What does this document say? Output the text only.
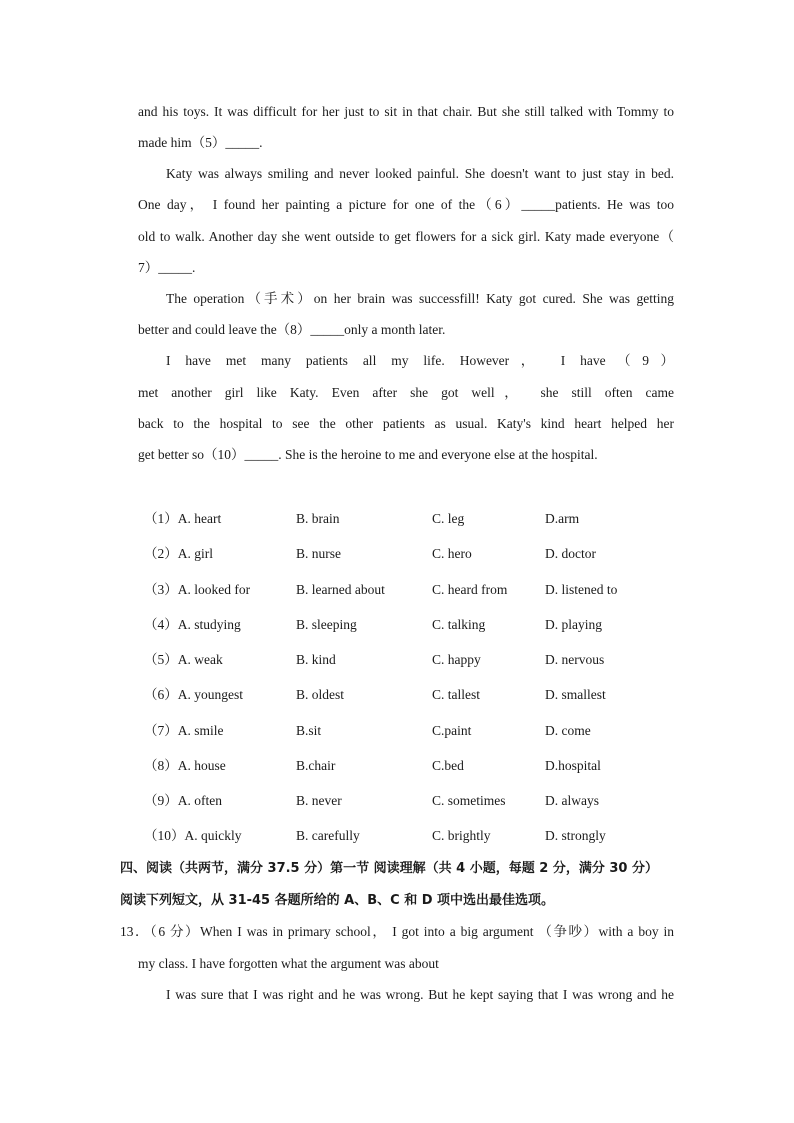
and his toys. It was difficult for her just to sit in that chair. But she still talked with Tommy to
made him（5）_____.
Katy was always smiling and never looked painful. She doesn't want to just stay in bed.
One day， I found her painting a picture for one of the（6）_____patients. He was too
old to walk. Another day she went outside to get flowers for a sick girl. Katy made everyone（
7）_____.
The operation（手术）on her brain was successfill! Katy got cured. She was getting
better and could leave the（8）_____only a month later.
I have met many patients all my life. However， I have（9）
met another girl like Katy. Even after she got well， she still often came
back to the hospital to see the other patients as usual. Katy's kind heart helped her
get better so（10）_____. She is the heroine to me and everyone else at the hospital.
（1）A. heart	B. brain	C. leg	D.arm
（2）A. girl	B. nurse	C. hero	D. doctor
（3）A. looked for	B. learned about	C. heard from	D. listened to
（4）A. studying	B. sleeping	C. talking	D. playing
（5）A. weak	B. kind	C. happy	D. nervous
（6）A. youngest	B. oldest	C. tallest	D. smallest
（7）A. smile	B.sit	C.paint	D. come
（8）A. house	B.chair	C.bed	D.hospital
（9）A. often	B. never	C. sometimes	D. always
（10）A. quickly	B. carefully	C. brightly	D. strongly
四、阅读（共两节，满分 37.5 分）第一节 阅读理解（共 4 小题，每题 2 分，满分 30 分）
阅读下列短文，从 31-45 各题所给的 A、B、C 和 D 项中选出最佳选项。
13．（6 分）When I was in primary school， I got into a big argument （争吵）with a boy in
my class. I have forgotten what the argument was about
I was sure that I was right and he was wrong. But he kept saying that I was wrong and he
